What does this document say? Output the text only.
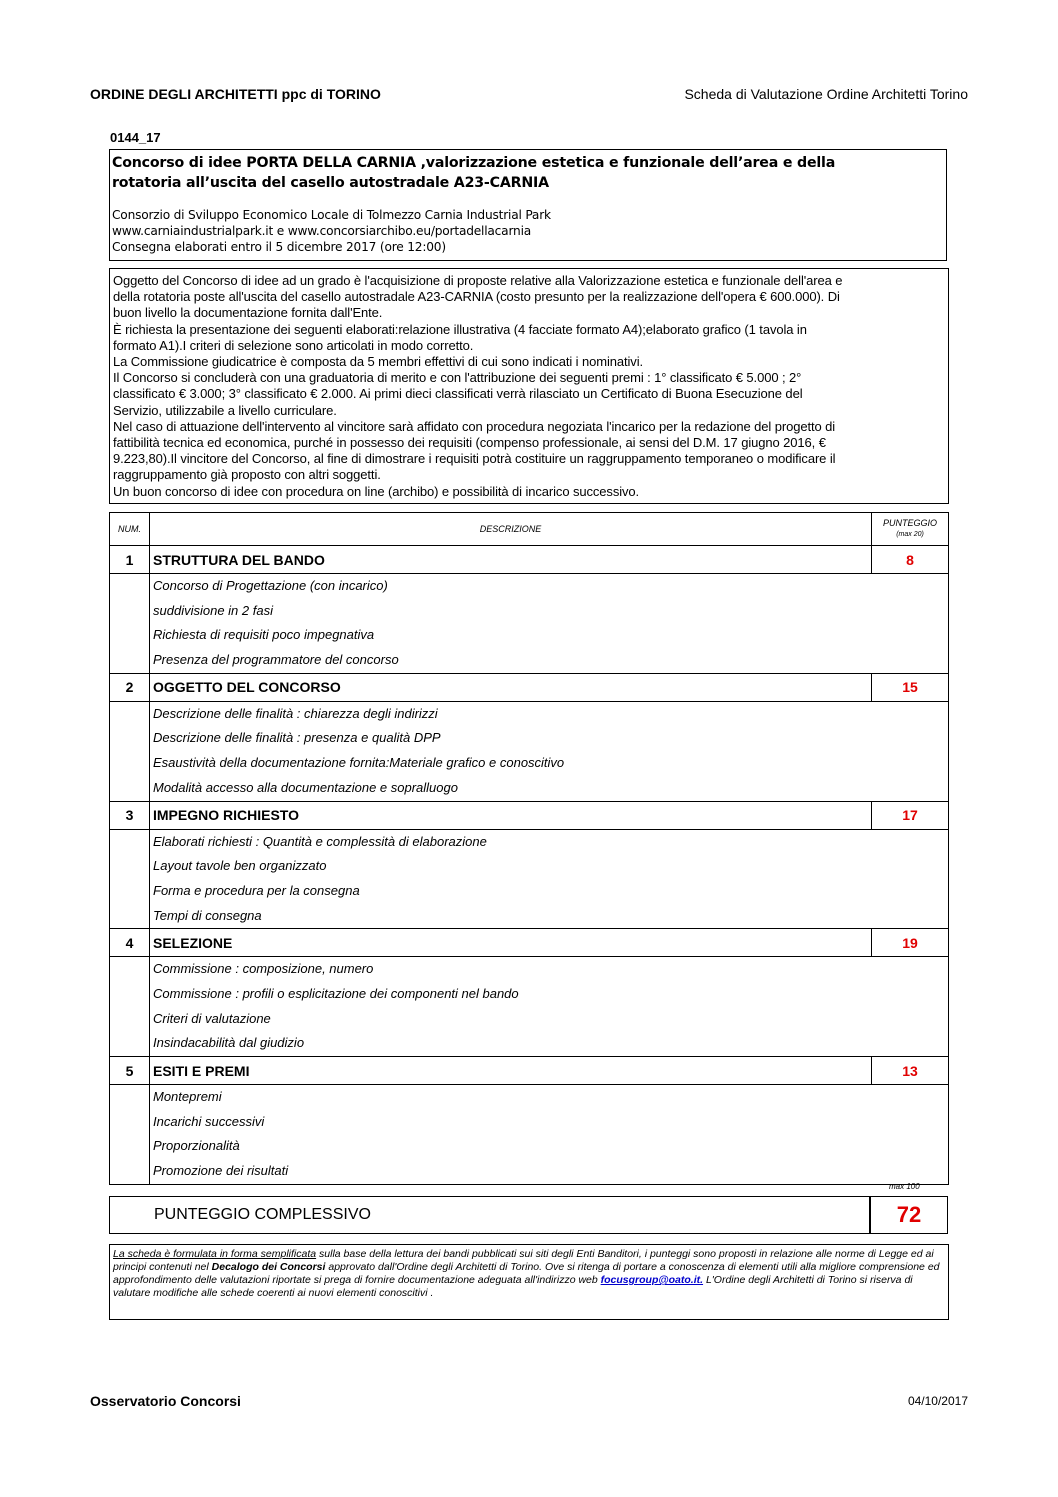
ORDINE DEGLI ARCHITETTI ppc di TORINO	Scheda di Valutazione Ordine Architetti Torino
0144_17
Concorso di idee PORTA DELLA CARNIA ,valorizzazione estetica e funzionale dell’area e della
rotatoria all’uscita del casello autostradale A23-CARNIA
Consorzio di Sviluppo Economico Locale di Tolmezzo Carnia Industrial Park
www.carniaindustrialpark.it e www.concorsiarchibo.eu/portadellacarnia
Consegna elaborati entro il 5 dicembre 2017 (ore 12:00)
Oggetto del Concorso di idee ad un grado è l'acquisizione di proposte relative alla Valorizzazione estetica e funzionale dell'area e
della rotatoria poste all'uscita del casello autostradale A23-CARNIA (costo presunto per la realizzazione dell'opera € 600.000). Di
buon livello la documentazione fornita dall'Ente.
È richiesta la presentazione dei seguenti elaborati:relazione illustrativa (4 facciate formato A4);elaborato grafico (1 tavola in
formato A1).I criteri di selezione sono articolati in modo corretto.
La Commissione giudicatrice è composta da 5 membri effettivi di cui sono indicati i nominativi.
Il Concorso si concluderà con una graduatoria di merito e con l'attribuzione dei seguenti premi : 1° classificato € 5.000 ; 2°
classificato € 3.000; 3° classificato € 2.000. Ai primi dieci classificati verrà rilasciato un Certificato di Buona Esecuzione del
Servizio, utilizzabile a livello curriculare.
Nel caso di attuazione dell'intervento al vincitore sarà affidato con procedura negoziata l'incarico per la redazione del progetto di
fattibilità tecnica ed economica, purché in possesso dei requisiti (compenso professionale, ai sensi del D.M. 17 giugno 2016, €
9.223,80).Il vincitore del Concorso, al fine di dimostrare i requisiti potrà costituire un raggruppamento temporaneo o modificare il
raggruppamento già proposto con altri soggetti.
Un buon concorso di idee con procedura on line (archibo) e possibilità di incarico successivo.
NUM.	DESCRIZIONE	PUNTEGGIO
(max 20)

1	STRUTTURA DEL BANDO	8

	Concorso di Progettazione (con incarico)
suddivisione in 2 fasi
Richiesta di requisiti poco impegnativa
Presenza del programmatore del concorso	

2	OGGETTO DEL CONCORSO	15

	Descrizione delle finalità : chiarezza degli indirizzi
Descrizione delle finalità : presenza e qualità DPP
Esaustività della documentazione fornita:Materiale grafico e conoscitivo
Modalità accesso alla documentazione e sopralluogo	

3	IMPEGNO RICHIESTO	17

	Elaborati richiesti : Quantità e complessità di elaborazione
Layout tavole ben organizzato
Forma e procedura per la consegna
Tempi di consegna	

4	SELEZIONE	19

	Commissione : composizione, numero
Commissione : profili o esplicitazione dei componenti nel bando
Criteri di valutazione
Insindacabilità dal giudizio	

5	ESITI E PREMI	13

	Montepremi
Incarichi successivi
Proporzionalità
Promozione dei risultati	
max 100
PUNTEGGIO COMPLESSIVO	72
La scheda è formulata in forma semplificata sulla base della lettura dei bandi pubblicati sui siti degli Enti Banditori, i punteggi sono proposti in relazione alle norme di Legge ed ai principi contenuti nel Decalogo dei Concorsi approvato dall'Ordine degli Architetti di Torino. Ove si ritenga di portare a conoscenza di elementi utili alla migliore comprensione ed approfondimento delle valutazioni riportate si prega di fornire documentazione adeguata all'indirizzo web focusgroup@oato.it. L'Ordine degli Architetti di Torino si riserva di valutare modifiche alle schede coerenti ai nuovi elementi conoscitivi .
Osservatorio Concorsi	04/10/2017
